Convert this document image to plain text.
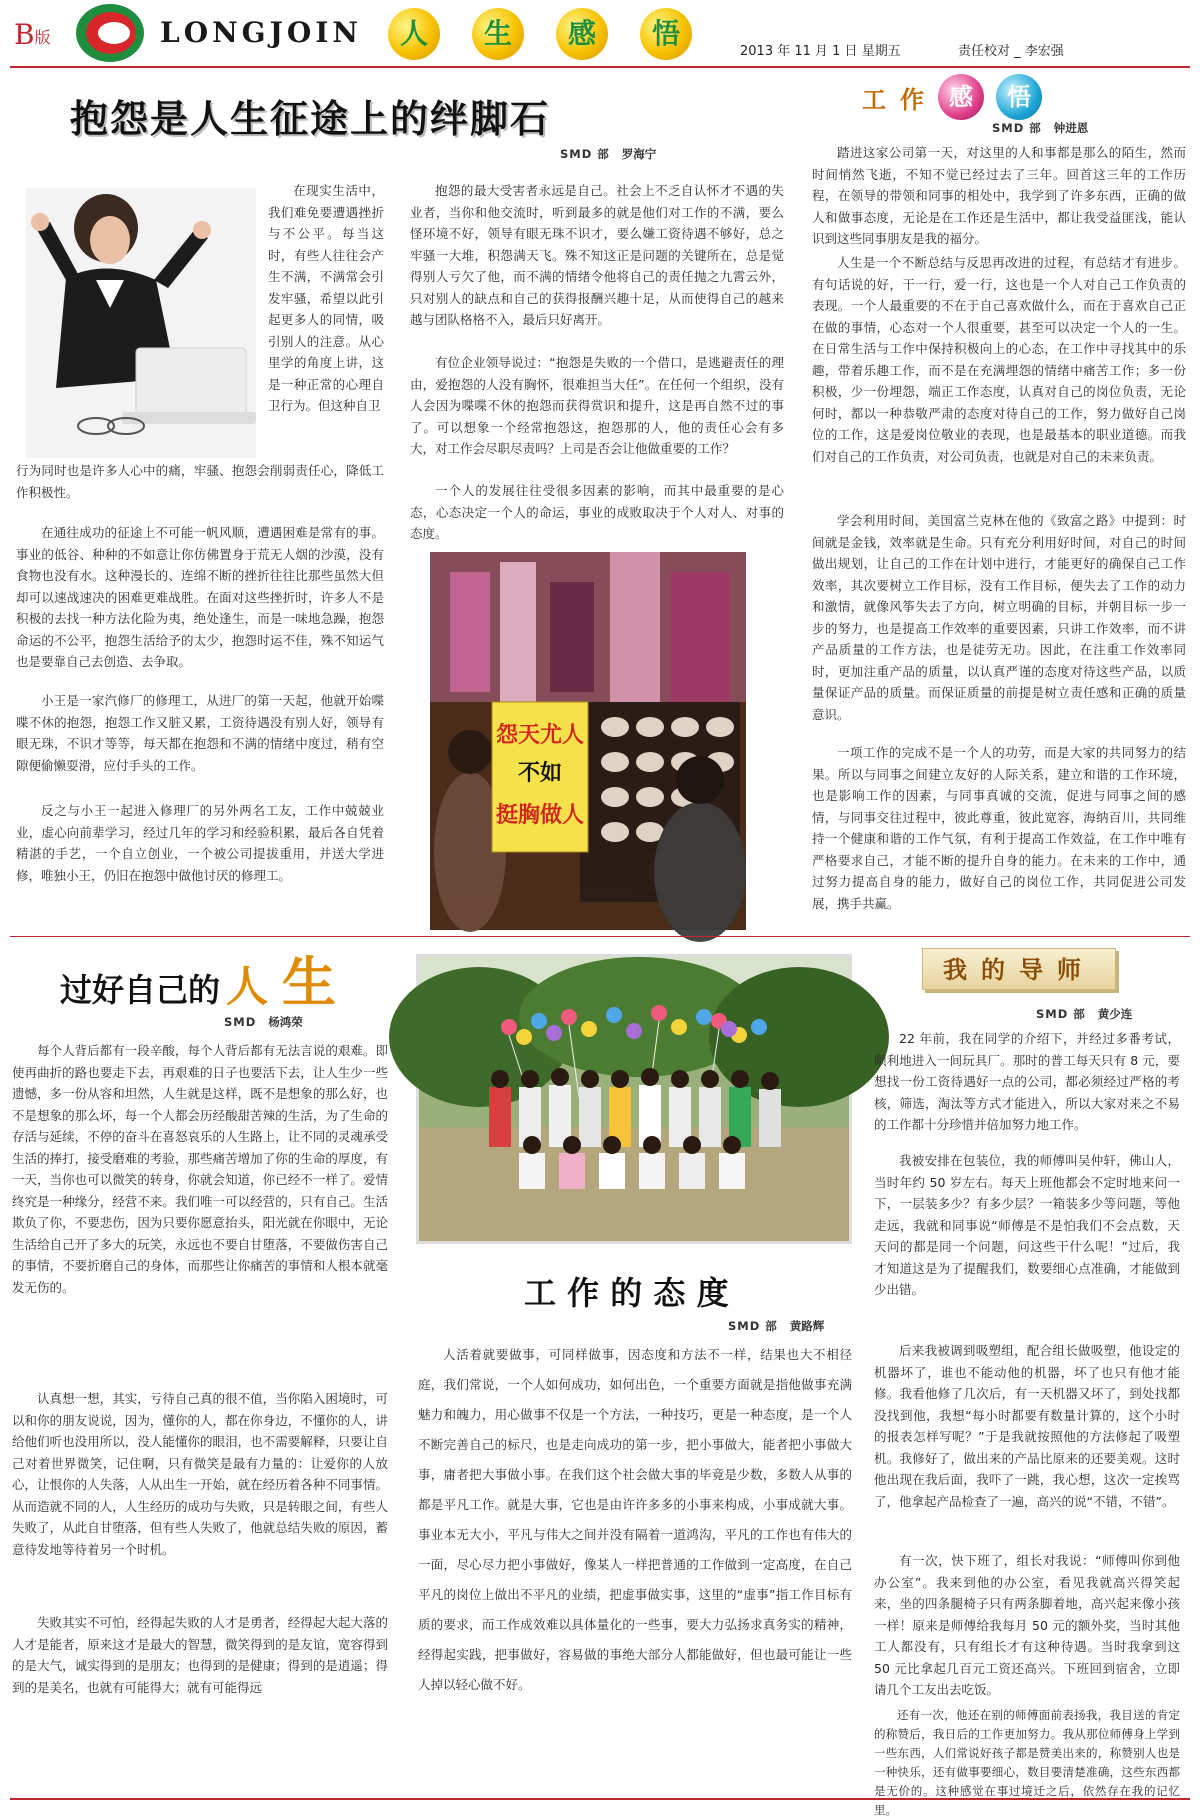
B版	LONGJOIN	人	生	感	悟
2013 年 11 月 1 日 星期五	责任校对 _ 李宏强
抱怨是人生征途上的绊脚石
SMD 部 罗海宁
在现实生活中，我们难免要遭遇挫折与不公平。每当这时，有些人往往会产生不满，不满常会引发牢骚，希望以此引起更多人的同情，吸引别人的注意。从心里学的角度上讲，这是一种正常的心理自卫行为。但这种自卫
行为同时也是许多人心中的痛，牢骚、抱怨会削弱责任心，降低工作积极性。
在通往成功的征途上不可能一帆风顺，遭遇困难是常有的事。事业的低谷、种种的不如意让你仿佛置身于荒无人烟的沙漠，没有食物也没有水。这种漫长的、连绵不断的挫折往往比那些虽然大但却可以速战速决的困难更难战胜。在面对这些挫折时，许多人不是积极的去找一种方法化险为夷，绝处逢生，而是一味地急躁，抱怨命运的不公平，抱怨生活给予的太少，抱怨时运不佳，殊不知运气也是要靠自己去创造、去争取。
小王是一家汽修厂的修理工，从进厂的第一天起，他就开始喋喋不休的抱怨，抱怨工作又脏又累，工资待遇没有别人好，领导有眼无珠，不识才等等，每天都在抱怨和不满的情绪中度过，稍有空隙便偷懒耍滑，应付手头的工作。
反之与小王一起进入修理厂的另外两名工友，工作中兢兢业业，虚心向前辈学习，经过几年的学习和经验积累，最后各自凭着精湛的手艺，一个自立创业，一个被公司提拔重用，并送大学进修，唯独小王，仍旧在抱怨中做他讨厌的修理工。
抱怨的最大受害者永远是自己。社会上不乏自认怀才不遇的失业者，当你和他交流时，听到最多的就是他们对工作的不满，要么怪环境不好，领导有眼无珠不识才，要么嫌工资待遇不够好，总之牢骚一大堆，积怨满天飞。殊不知这正是问题的关键所在，总是觉得别人亏欠了他，而不满的情绪令他将自己的责任抛之九霄云外，只对别人的缺点和自己的获得报酬兴趣十足，从而使得自己的越来越与团队格格不入，最后只好离开。
有位企业领导说过：“抱怨是失败的一个借口，是逃避责任的理由，爱抱怨的人没有胸怀，很难担当大任”。在任何一个组织，没有人会因为喋喋不休的抱怨而获得赏识和提升，这是再自然不过的事了。可以想象一个经常抱怨这，抱怨那的人，他的责任心会有多大，对工作会尽职尽责吗？上司是否会让他做重要的工作？
一个人的发展往往受很多因素的影响，而其中最重要的是心态，心态决定一个人的命运，事业的成败取决于个人对人、对事的态度。
怨天尤人
不如
挺胸做人
工作 感	悟
SMD 部 钟进恩
踏进这家公司第一天，对这里的人和事都是那么的陌生，然而时间悄然飞逝，不知不觉已经过去了三年。回首这三年的工作历程，在领导的带领和同事的相处中，我学到了许多东西，正确的做人和做事态度，无论是在工作还是生活中，都让我受益匪浅，能认识到这些同事朋友是我的福分。
人生是一个不断总结与反思再改进的过程，有总结才有进步。有句话说的好，干一行，爱一行，这也是一个人对自己工作负责的表现。一个人最重要的不在于自己喜欢做什么，而在于喜欢自己正在做的事情，心态对一个人很重要，甚至可以决定一个人的一生。在日常生活与工作中保持积极向上的心态，在工作中寻找其中的乐趣，带着乐趣工作，而不是在充满埋怨的情绪中痛苦工作；多一份积极，少一份埋怨，端正工作态度，认真对自己的岗位负责，无论何时，都以一种恭敬严肃的态度对待自己的工作，努力做好自己岗位的工作，这是爱岗位敬业的表现，也是最基本的职业道德。而我们对自己的工作负责，对公司负责，也就是对自己的未来负责。
学会利用时间，美国富兰克林在他的《致富之路》中提到：时间就是金钱，效率就是生命。只有充分利用好时间，对自己的时间做出规划，让自己的工作在计划中进行，才能更好的确保自己工作效率，其次要树立工作目标，没有工作目标，便失去了工作的动力和激情，就像风筝失去了方向，树立明确的目标，并朝目标一步一步的努力，也是提高工作效率的重要因素，只讲工作效率，而不讲产品质量的工作方法，也是徒劳无功。因此，在注重工作效率同时，更加注重产品的质量，以认真严谨的态度对待这些产品，以质量保证产品的质量。而保证质量的前提是树立责任感和正确的质量意识。
一项工作的完成不是一个人的功劳，而是大家的共同努力的结果。所以与同事之间建立友好的人际关系，建立和谐的工作环境，也是影响工作的因素，与同事真诚的交流，促进与同事之间的感情，与同事交往过程中，彼此尊重，彼此宽容，海纳百川，共同维持一个健康和谐的工作气氛，有利于提高工作效益，在工作中唯有严格要求自己，才能不断的提升自身的能力。在未来的工作中，通过努力提高自身的能力，做好自己的岗位工作，共同促进公司发展，携手共赢。
过好自己的 人 生
SMD 杨鸿荣
每个人背后都有一段辛酸，每个人背后都有无法言说的艰难。即使再曲折的路也要走下去，再艰难的日子也要活下去，让人生少一些遗憾，多一份从容和坦然，人生就是这样，既不是想象的那么好，也不是想象的那么坏，每一个人都会历经酸甜苦辣的生活，为了生命的存活与延续，不停的奋斗在喜怒哀乐的人生路上，让不同的灵魂承受生活的捧打，接受磨难的考验，那些痛苦增加了你的生命的厚度，有一天，当你也可以微笑的转身，你就会知道，你已经不一样了。爱情终究是一种缘分，经营不来。我们唯一可以经营的，只有自己。生活欺负了你，不要悲伤，因为只要你愿意抬头，阳光就在你眼中，无论生活给自己开了多大的玩笑，永远也不要自甘堕落，不要做伤害自己的事情，不要折磨自己的身体，而那些让你痛苦的事情和人根本就毫发无伤的。
认真想一想，其实，亏待自己真的很不值，当你陷入困境时，可以和你的朋友说说，因为，懂你的人，都在你身边，不懂你的人，讲给他们听也没用所以，没人能懂你的眼泪，也不需要解释，只要让自己对着世界微笑，记住啊，只有微笑是最有力量的：让爱你的人放心，让恨你的人失落，人从出生一开始，就在经历着各种不同事情。从而造就不同的人，人生经历的成功与失败，只是转眼之间，有些人失败了，从此自甘堕落，但有些人失败了，他就总结失败的原因，蓄意待发地等待着另一个时机。
失败其实不可怕，经得起失败的人才是勇者，经得起大起大落的人才是能者，原来这才是最大的智慧，微笑得到的是友谊，宽容得到的是大气，诚实得到的是朋友；也得到的是健康；得到的是逍遥；得到的是美名，也就有可能得大；就有可能得远
工 作 的 态 度
SMD 部 黄路辉
人活着就要做事，可同样做事，因态度和方法不一样，结果也大不相径庭，我们常说，一个人如何成功，如何出色，一个重要方面就是指他做事充满魅力和魄力，用心做事不仅是一个方法，一种技巧，更是一种态度，是一个人不断完善自己的标尺，也是走向成功的第一步，把小事做大，能者把小事做大事，庸者把大事做小事。在我们这个社会做大事的毕竟是少数，多数人从事的都是平凡工作。就是大事，它也是由许许多多的小事来构成，小事成就大事。事业本无大小，平凡与伟大之间并没有隔着一道鸿沟，平凡的工作也有伟大的一面，尽心尽力把小事做好，像某人一样把普通的工作做到一定高度，在自己平凡的岗位上做出不平凡的业绩，把虚事做实事，这里的“虚事”指工作目标有质的要求，而工作成效难以具体量化的一些事，要大力弘扬求真务实的精神，经得起实践，把事做好，容易做的事绝大部分人都能做好，但也最可能让一些人掉以轻心做不好。
我的导师
SMD 部 黄少连
22 年前，我在同学的介绍下，并经过多番考试，顺利地进入一间玩具厂。那时的普工每天只有 8 元，要想找一份工资待遇好一点的公司，都必须经过严格的考核，筛选，淘汰等方式才能进入，所以大家对来之不易的工作都十分珍惜并倍加努力地工作。
我被安排在包装位，我的师傅叫吴仲轩，佛山人，当时年约 50 岁左右。每天上班他都会不定时地来问一下，一层装多少？有多少层？一箱装多少等问题，等他走远，我就和同事说“师傅是不是怕我们不会点数，天天问的都是同一个问题，问这些干什么呢！”过后，我才知道这是为了提醒我们，数要细心点准确，才能做到少出错。
后来我被调到吸塑组，配合组长做吸塑，他设定的机器坏了，谁也不能动他的机器，坏了也只有他才能修。我看他修了几次后，有一天机器又坏了，到处找都没找到他，我想“每小时都要有数量计算的，这个小时的报表怎样写呢？”于是我就按照他的方法修起了吸塑机。我修好了，做出来的产品比原来的还要美观。这时他出现在我后面，我吓了一跳，我心想，这次一定挨骂了，他拿起产品检查了一遍，高兴的说“不错，不错”。
有一次，快下班了，组长对我说：“师傅叫你到他办公室”。我来到他的办公室，看见我就高兴得笑起来，坐的四条腿椅子只有两条脚着地，高兴起来像小孩一样！原来是师傅给我每月 50 元的额外奖，当时其他工人都没有，只有组长才有这种待遇。当时我拿到这 50 元比拿起几百元工资还高兴。下班回到宿舍，立即请几个工友出去吃饭。
还有一次，他还在别的师傅面前表扬我，我目送的肯定的称赞后，我日后的工作更加努力。我从那位师傅身上学到一些东西，人们常说好孩子都是赞美出来的，称赞别人也是一种快乐，还有做事要细心，数目要清楚准确，这些东西都是无价的。这种感觉在事过境迁之后，依然存在我的记忆里。
